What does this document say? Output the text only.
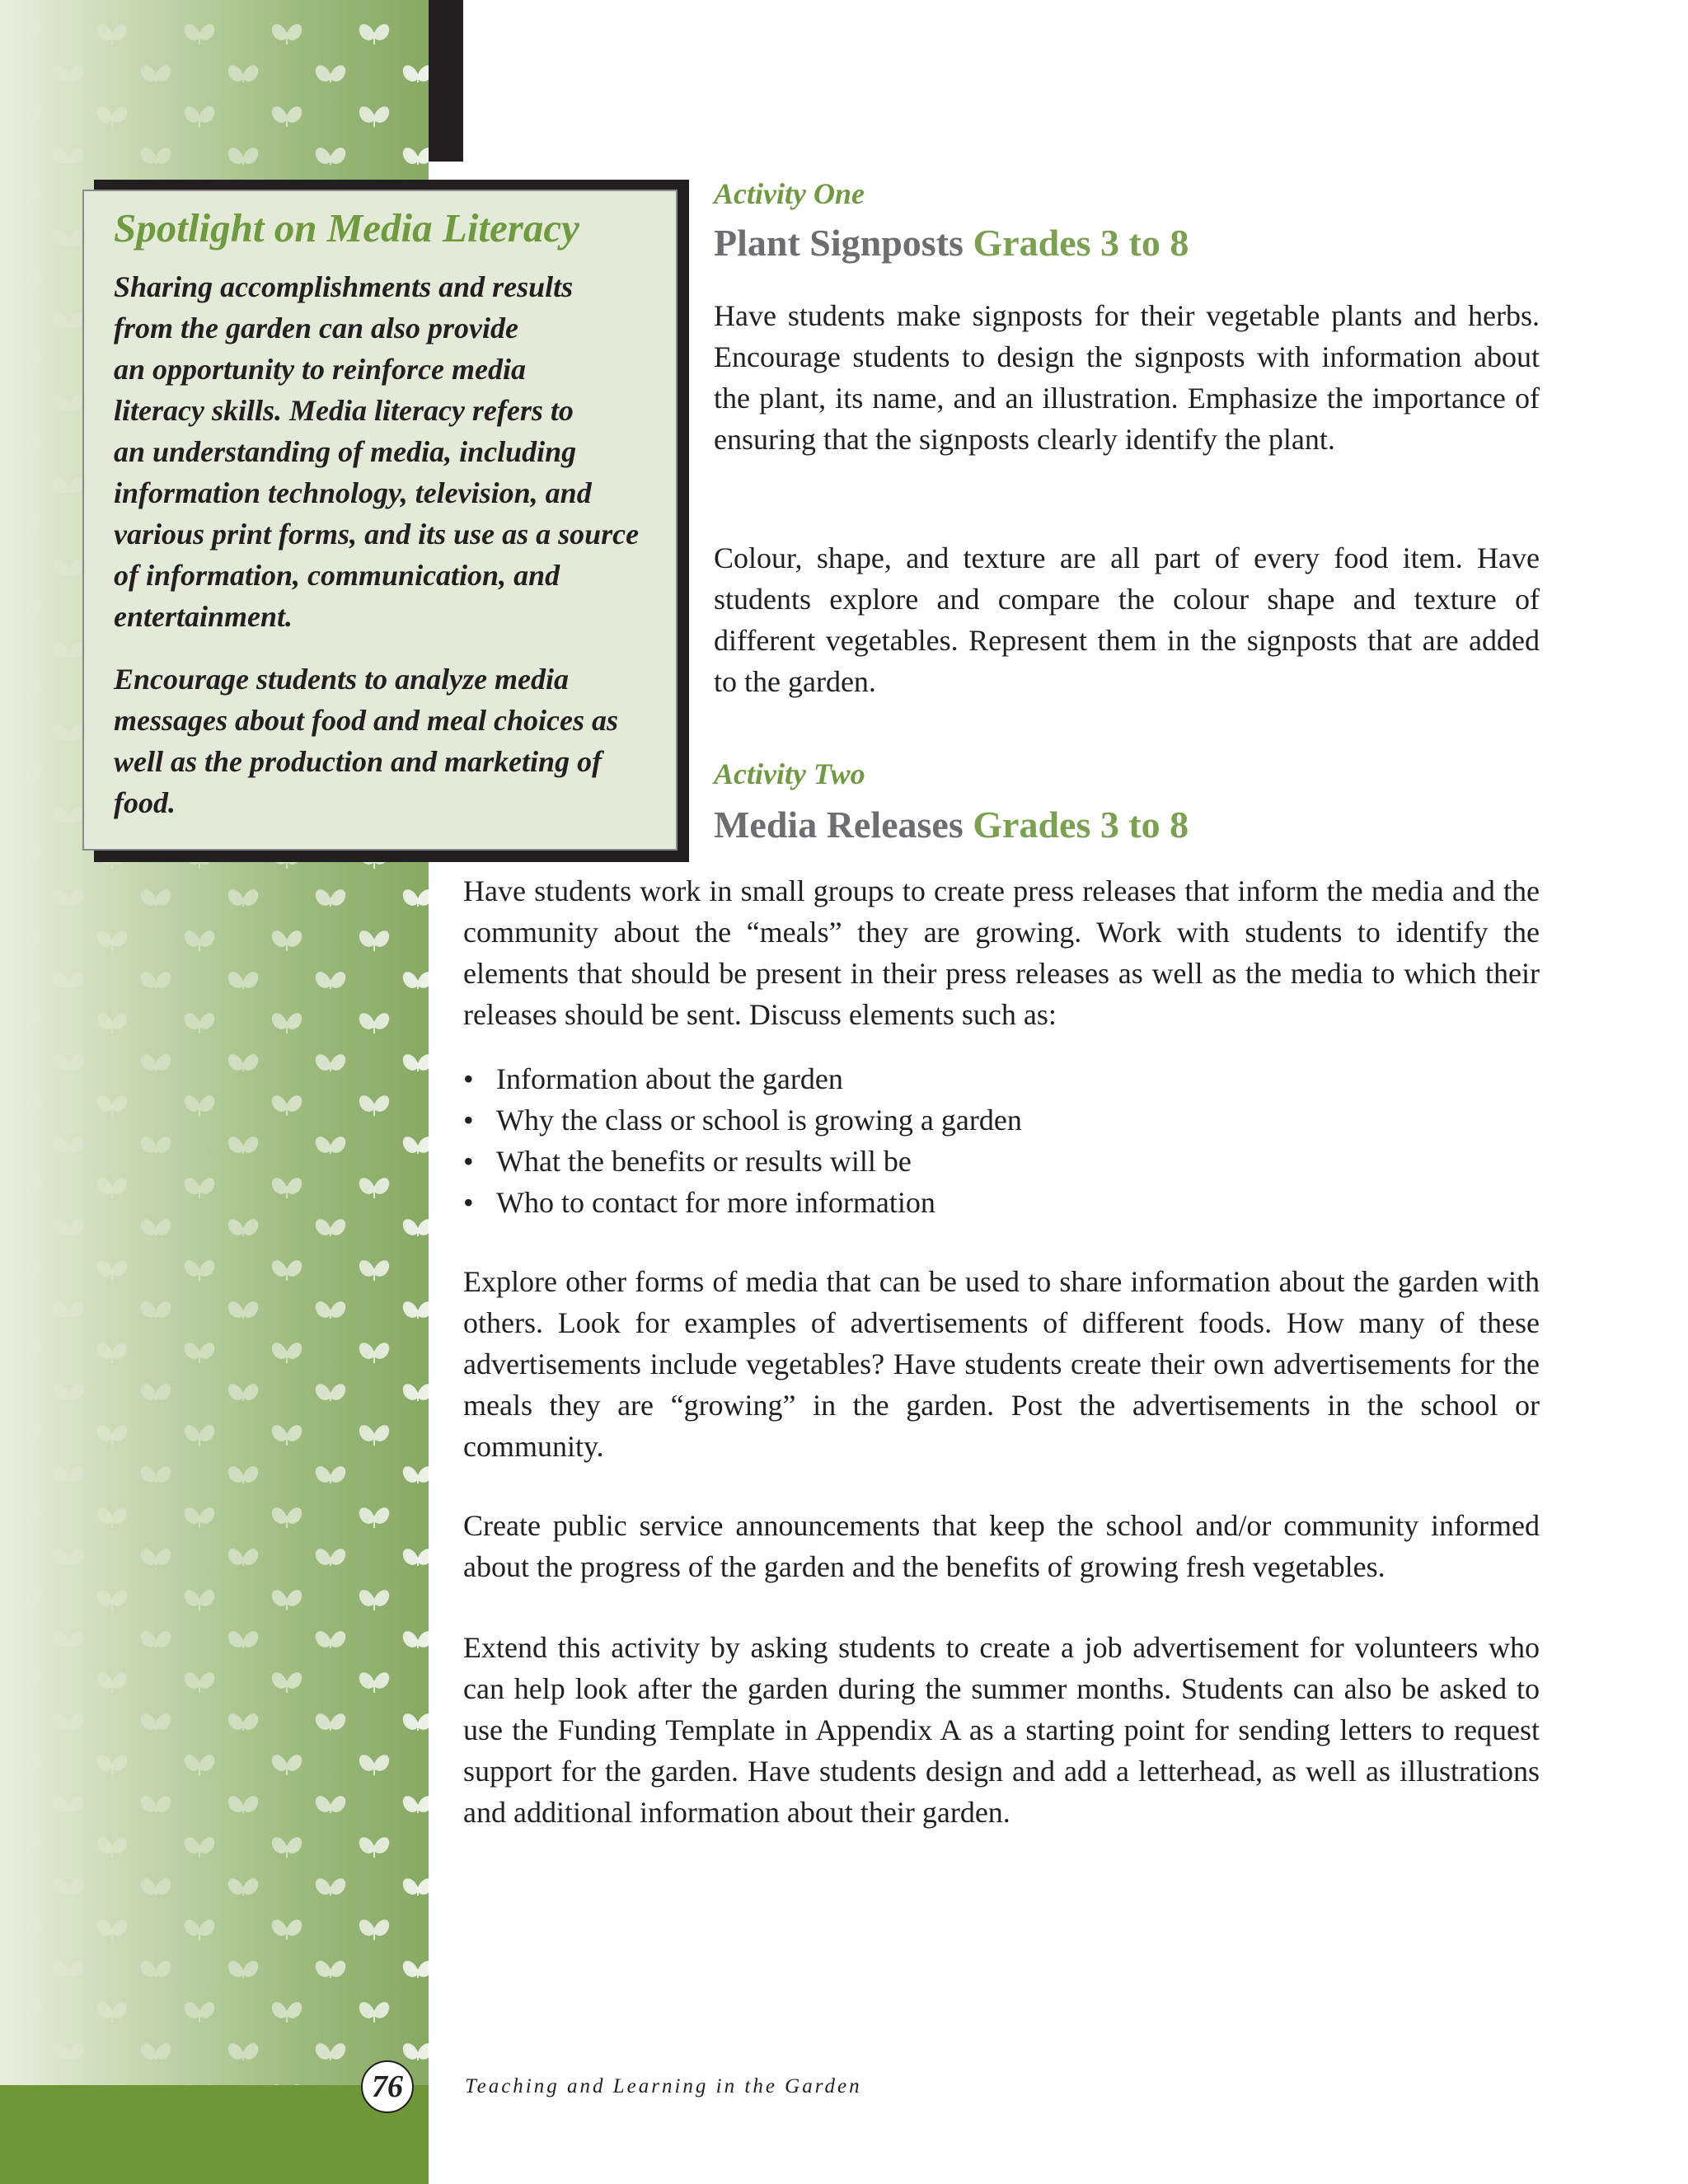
Spotlight on Media Literacy

Sharing accomplishments and results
from the garden can also provide
an opportunity to reinforce media
literacy skills. Media literacy refers to
an understanding of media, including
information technology, television, and
various print forms, and its use as a source
of information, communication, and
entertainment.

Encourage students to analyze media
messages about food and meal choices as
well as the production and marketing of
food.

Activity One
Plant Signposts Grades 3 to 8

Have students make signposts for their vegetable plants and herbs. Encourage students to design the signposts with information about the plant, its name, and an illustration. Emphasize the importance of ensuring that the signposts clearly identify the plant.

Colour, shape, and texture are all part of every food item. Have students explore and compare the colour shape and texture of different vegetables. Represent them in the signposts that are added to the garden.

Activity Two
Media Releases Grades 3 to 8

Have students work in small groups to create press releases that inform the media and the community about the “meals” they are growing. Work with students to identify the elements that should be present in their press releases as well as the media to which their releases should be sent. Discuss elements such as:

• Information about the garden
• Why the class or school is growing a garden
• What the benefits or results will be
• Who to contact for more information

Explore other forms of media that can be used to share information about the garden with others. Look for examples of advertisements of different foods. How many of these advertisements include vegetables? Have students create their own advertisements for the meals they are “growing” in the garden. Post the advertisements in the school or community.

Create public service announcements that keep the school and/or community informed about the progress of the garden and the benefits of growing fresh vegetables.

Extend this activity by asking students to create a job advertisement for volunteers who can help look after the garden during the summer months. Students can also be asked to use the Funding Template in Appendix A as a starting point for sending letters to request support for the garden. Have students design and add a letterhead, as well as illustrations and additional information about their garden.

76	Teaching and Learning in the Garden
